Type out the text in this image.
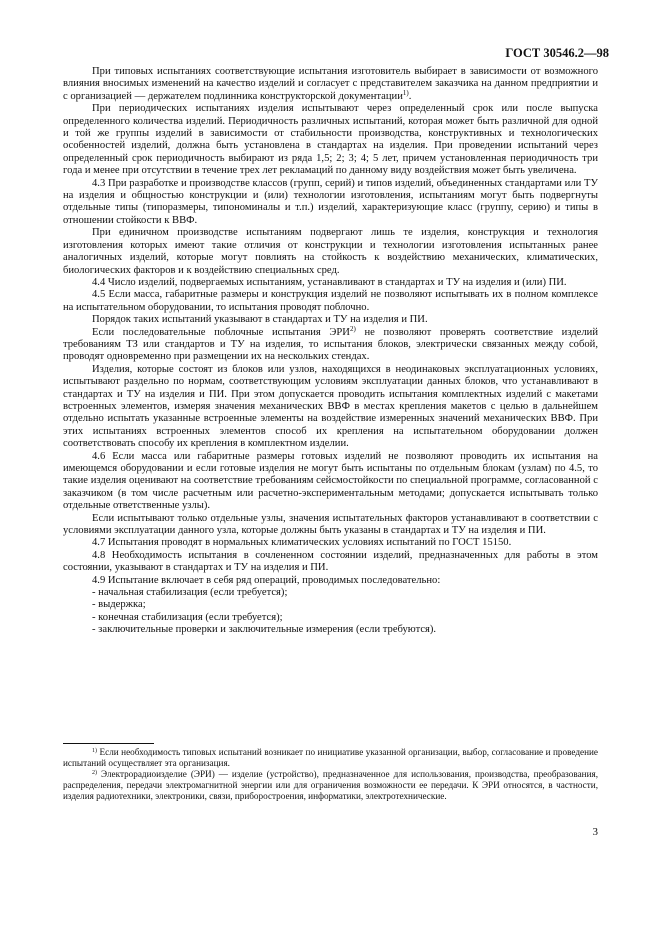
ГОСТ 30546.2—98

При типовых испытаниях соответствующие испытания изготовитель выбирает в зависимости от возможного влияния вносимых изменений на качество изделий и согласует с представителем заказчика на данном предприятии и с организацией — держателем подлинника конструкторской документации$^{1)}$.

При периодических испытаниях изделия испытывают через определенный срок или после выпуска определенного количества изделий. Периодичность различных испытаний, которая может быть различной для одной и той же группы изделий в зависимости от стабильности производства, конструктивных и технологических особенностей изделий, должна быть установлена в стандартах на изделия. При проведении испытаний через определенный срок периодичность выбирают из ряда 1,5; 2; 3; 4; 5 лет, причем установленная периодичность три года и менее при отсутствии в течение трех лет рекламаций по данному виду воздействия может быть увеличена.

4.3 При разработке и производстве классов (групп, серий) и типов изделий, объединенных стандартами или ТУ на изделия и общностью конструкции и (или) технологии изготовления, испытаниям могут быть подвергнуты отдельные типы (типоразмеры, типономиналы и т.п.) изделий, характеризующие класс (группу, серию) и типы в отношении стойкости к ВВФ.

При единичном производстве испытаниям подвергают лишь те изделия, конструкция и технология изготовления которых имеют такие отличия от конструкции и технологии изготовления испытанных ранее аналогичных изделий, которые могут повлиять на стойкость к воздействию механических, климатических, биологических факторов и к воздействию специальных сред.

4.4 Число изделий, подвергаемых испытаниям, устанавливают в стандартах и ТУ на изделия и (или) ПИ.

4.5 Если масса, габаритные размеры и конструкция изделий не позволяют испытывать их в полном комплексе на испытательном оборудовании, то испытания проводят поблочно.

Порядок таких испытаний указывают в стандартах и ТУ на изделия и ПИ.

Если последовательные поблочные испытания ЭРИ$^{2)}$ не позволяют проверять соответствие изделий требованиям ТЗ или стандартов и ТУ на изделия, то испытания блоков, электрически связанных между собой, проводят одновременно при размещении их на нескольких стендах.

Изделия, которые состоят из блоков или узлов, находящихся в неодинаковых эксплуатационных условиях, испытывают раздельно по нормам, соответствующим условиям эксплуатации данных блоков, что устанавливают в стандартах и ТУ на изделия и ПИ. При этом допускается проводить испытания комплектных изделий с макетами встроенных элементов, измеряя значения механических ВВФ в местах крепления макетов с целью в дальнейшем отдельно испытать указанные встроенные элементы на воздействие измеренных значений механических ВВФ. При этих испытаниях встроенных элементов способ их крепления на испытательном оборудовании должен соответствовать способу их крепления в комплектном изделии.

4.6 Если масса или габаритные размеры готовых изделий не позволяют проводить их испытания на имеющемся оборудовании и если готовые изделия не могут быть испытаны по отдельным блокам (узлам) по 4.5, то такие изделия оценивают на соответствие требованиям сейсмостойкости по специальной программе, согласованной с заказчиком (в том числе расчетным или расчетно-экспериментальным методами; допускается испытывать только отдельные ответственные узлы).

Если испытывают только отдельные узлы, значения испытательных факторов устанавливают в соответствии с условиями эксплуатации данного узла, которые должны быть указаны в стандартах и ТУ на изделия и ПИ.

4.7 Испытания проводят в нормальных климатических условиях испытаний по ГОСТ 15150.

4.8 Необходимость испытания в сочлененном состоянии изделий, предназначенных для работы в этом состоянии, указывают в стандартах и ТУ на изделия и ПИ.

4.9 Испытание включает в себя ряд операций, проводимых последовательно:

- начальная стабилизация (если требуется);

- выдержка;

- конечная стабилизация (если требуется);

- заключительные проверки и заключительные измерения (если требуются).

$^{1)}$ Если необходимость типовых испытаний возникает по инициативе указанной организации, выбор, согласование и проведение испытаний осуществляет эта организация.

$^{2)}$ Электрорадиоизделие (ЭРИ) — изделие (устройство), предназначенное для использования, производства, преобразования, распределения, передачи электромагнитной энергии или для ограничения возможности ее передачи. К ЭРИ относятся, в частности, изделия радиотехники, электроники, связи, приборостроения, информатики, электротехнические.

3
